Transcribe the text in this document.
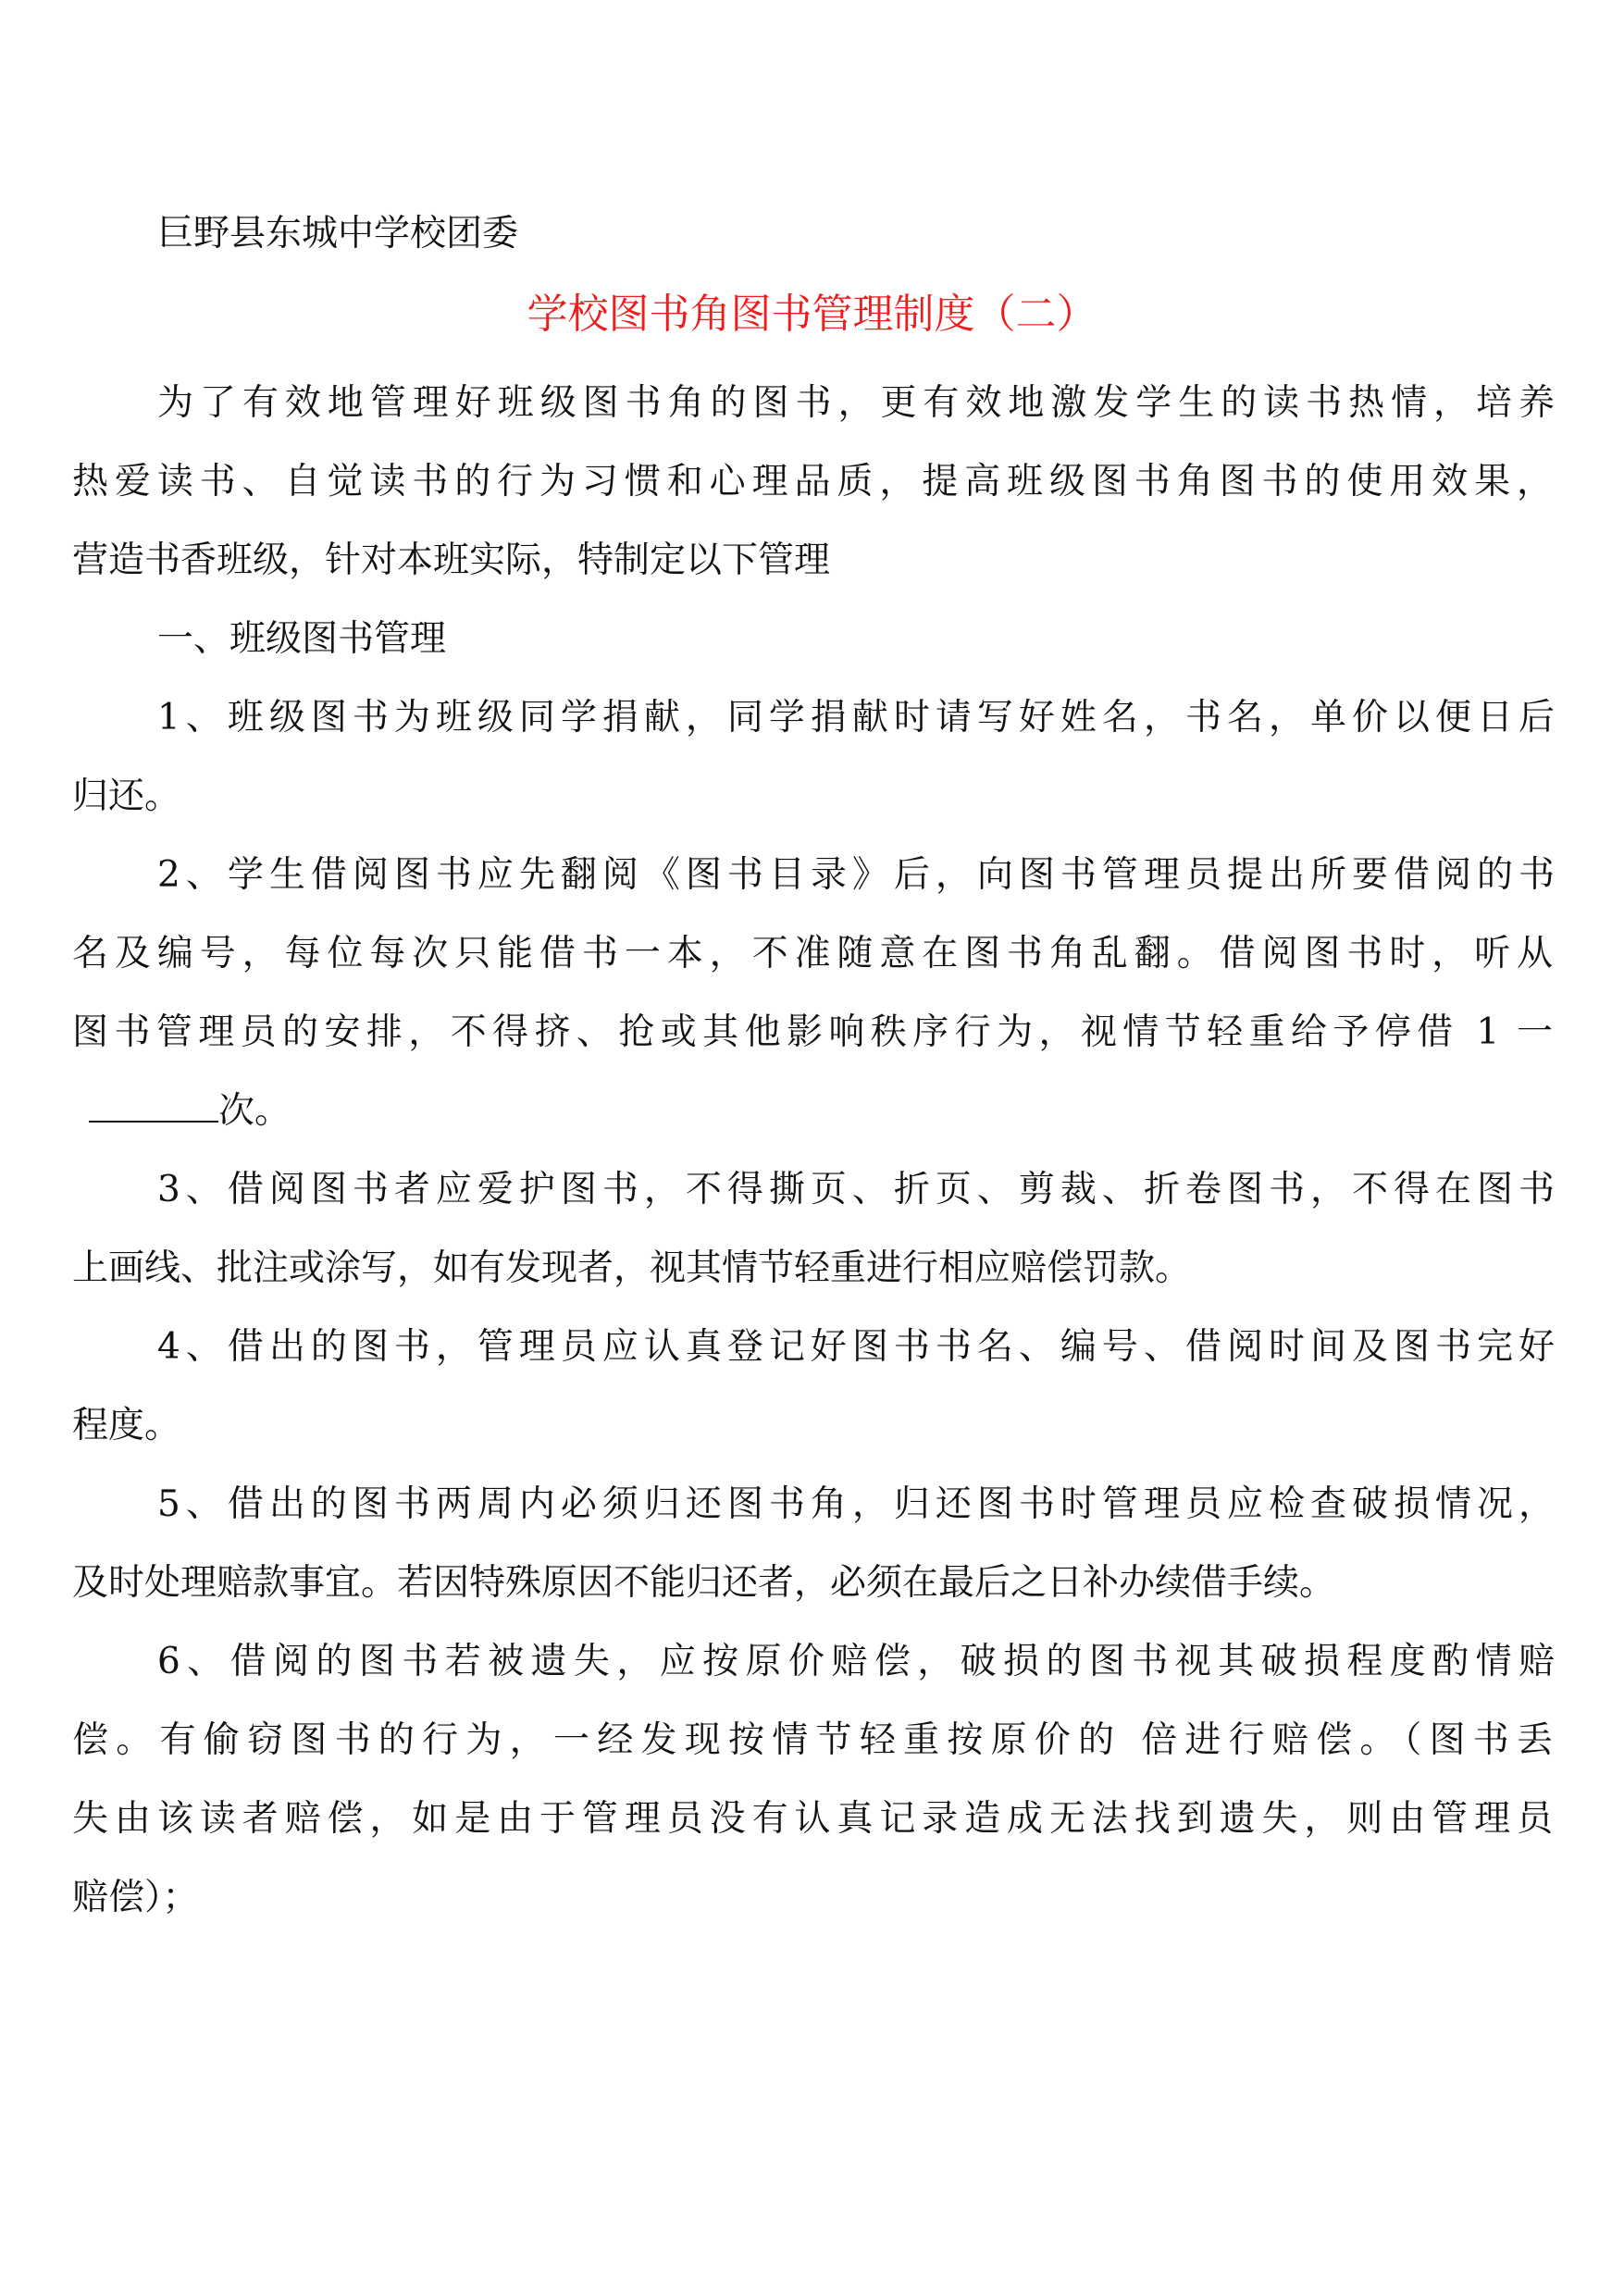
巨野县东城中学校团委
学校图书角图书管理制度（二）
为了有效地管理好班级图书角的图书，更有效地激发学生的读书热情，培养
热爱读书、自觉读书的行为习惯和心理品质，提高班级图书角图书的使用效果，
营造书香班级，针对本班实际，特制定以下管理
一、班级图书管理
1、班级图书为班级同学捐献，同学捐献时请写好姓名，书名，单价以便日后
归还。
2、学生借阅图书应先翻阅《图书目录》后，向图书管理员提出所要借阅的书
名及编号，每位每次只能借书一本，不准随意在图书角乱翻。借阅图书时，听从
图书管理员的安排，不得挤、抢或其他影响秩序行为，视情节轻重给予停借 1 一
次。
3、借阅图书者应爱护图书，不得撕页、折页、剪裁、折卷图书，不得在图书
上画线、批注或涂写，如有发现者，视其情节轻重进行相应赔偿罚款。
4、借出的图书，管理员应认真登记好图书书名、编号、借阅时间及图书完好
程度。
5、借出的图书两周内必须归还图书角，归还图书时管理员应检查破损情况，
及时处理赔款事宜。若因特殊原因不能归还者，必须在最后之日补办续借手续。
6、借阅的图书若被遗失，应按原价赔偿，破损的图书视其破损程度酌情赔
偿。有偷窃图书的行为，一经发现按情节轻重按原价的 倍进行赔偿。（图书丢
失由该读者赔偿，如是由于管理员没有认真记录造成无法找到遗失，则由管理员
赔偿）；
